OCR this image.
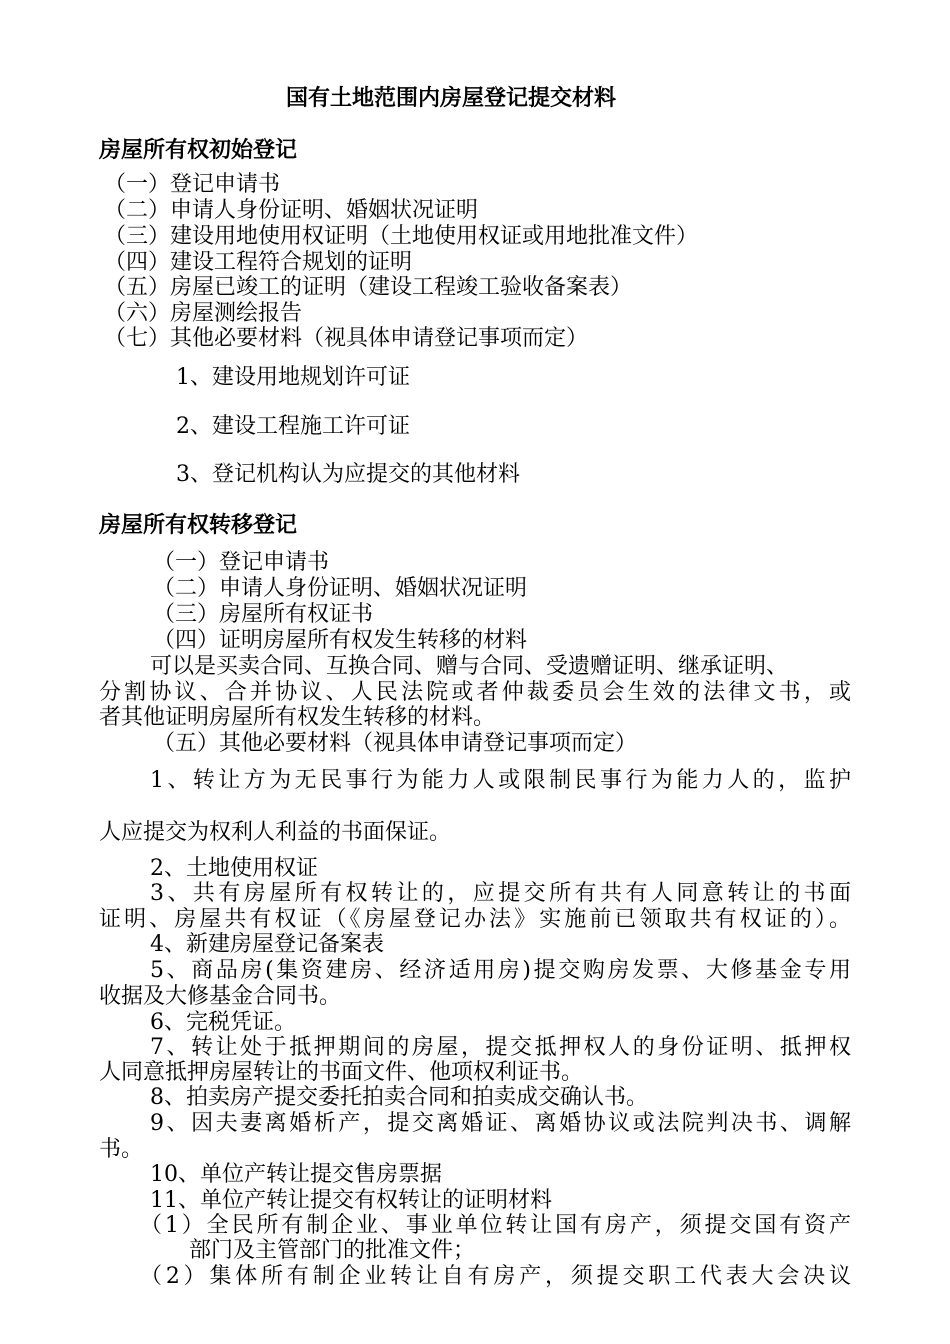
国有土地范围内房屋登记提交材料
房屋所有权初始登记
（一）登记申请书
（二）申请人身份证明、婚姻状况证明
（三）建设用地使用权证明（土地使用权证或用地批准文件）
（四）建设工程符合规划的证明
（五）房屋已竣工的证明（建设工程竣工验收备案表）
（六）房屋测绘报告
（七）其他必要材料（视具体申请登记事项而定）
1、建设用地规划许可证
2、建设工程施工许可证
3、登记机构认为应提交的其他材料
房屋所有权转移登记
（一）登记申请书
（二）申请人身份证明、婚姻状况证明
（三）房屋所有权证书
（四）证明房屋所有权发生转移的材料
可以是买卖合同、互换合同、赠与合同、受遗赠证明、继承证明、
分割协议、合并协议、人民法院或者仲裁委员会生效的法律文书，或
者其他证明房屋所有权发生转移的材料。
（五）其他必要材料（视具体申请登记事项而定）
1、转让方为无民事行为能力人或限制民事行为能力人的，监护
人应提交为权利人利益的书面保证。
2、土地使用权证
3、共有房屋所有权转让的，应提交所有共有人同意转让的书面
证明、房屋共有权证（《房屋登记办法》实施前已领取共有权证的）。
4、新建房屋登记备案表
5、商品房(集资建房、经济适用房)提交购房发票、大修基金专用
收据及大修基金合同书。
6、完税凭证。
7、转让处于抵押期间的房屋，提交抵押权人的身份证明、抵押权
人同意抵押房屋转让的书面文件、他项权利证书。
8、拍卖房产提交委托拍卖合同和拍卖成交确认书。
9、因夫妻离婚析产，提交离婚证、离婚协议或法院判决书、调解
书。
10、单位产转让提交售房票据
11、单位产转让提交有权转让的证明材料
（1）全民所有制企业、事业单位转让国有房产，须提交国有资产
部门及主管部门的批准文件；
（2）集体所有制企业转让自有房产，须提交职工代表大会决议
